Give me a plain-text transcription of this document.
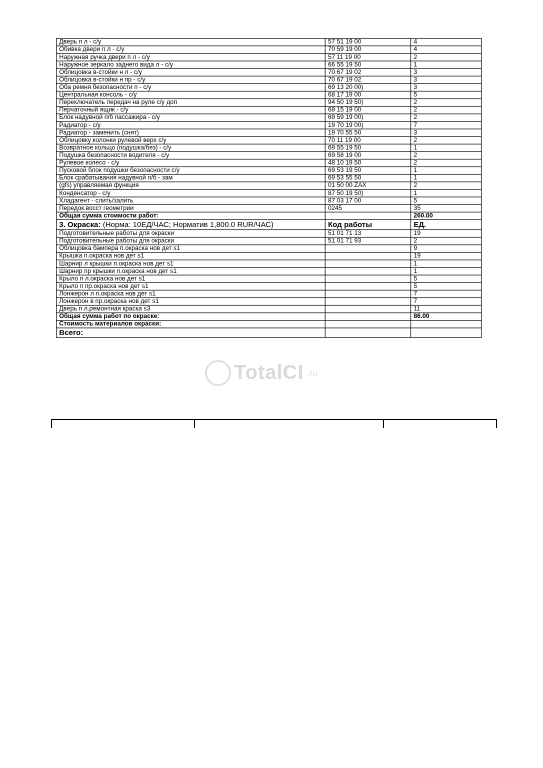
Дверь п л - с/у	57 51 19 00	4
Обивка двери п л - с/у	70 59 19 00	4
Наружная ручка двери п л - с/у	57 11 19 00	2
Наружное зеркало заднего вида л - с/у	66 55 19 50	1
Облицовка в-стойки н л - с/у	70 67 19 02	3
Облицовка в-стойки н пр - с/у	70 67 19 02	3
Оба ремня безопасности п - с/у	69 13 20 00)	3
Центральная консоль - с/у	68 17 19 00	5
Переключатель передач на руле с/у доп	94 50 19 50)	2
Перчаточный ящик - с/у	68 15 19 00	2
Блок надувной п/б пассажира - с/у	69 59 19 00)	2
Радиатор - с/у	19 70 19 00)	7
Радиатор - заменить (снят)	19 70 55 50	3
Облицовку колонки рулевой верх с/у	70 11 19 00	2
Возвратное кольцо (подушка/без) - с/у	69 55 19 50	1
Подушка безопасности водителя - с/у	69 58 19 00	2
Рулевое колесо - с/у	48 10 19 50	2
Пусковой блок подушки безопасности с/у	69 53 19 50	1
Блок срабатывания надувной п/б - зам	69 53 55 50	1
(gfs) управляемая функция	01 50 00 ZAX	2
Конденсатор - с/у	87 50 19 50)	1
Хладагент - слить/залить	87 03 17 00	5
Передок.восст геометрии	0245	35
Общая сумма стоимости работ:		260.00
3. Окраска: (Норма: 10ЕД/ЧАС; Норматив 1,800.0 RUR/ЧАС)	Код работы	ЕД.
Подготовительные работы для окраски	51 01 71 13	19
Подготовительные работы для окраски	51 01 71 93	2
Облицовка бампера п.окраска нов дет s1		9
Крышка п.окраска нов дет s1		19
Шарнир л крышки п.окраска нов дет s1		1
Шарнир пр крышки п.окраска нов дет s1		1
Крыло п л.окраска нов дет s1		5
Крыло п пр.окраска нов дет s1		5
Лонжерон л п.окраска нов дет s1		7
Лонжерон в пр.окраска нов дет s1		7
Дверь п л.ремонтная краска s3		11
Общая сумма работ по окраске:		86.00
Стоимость материалов окраски:		
Всего:		
TotalCI .ru
